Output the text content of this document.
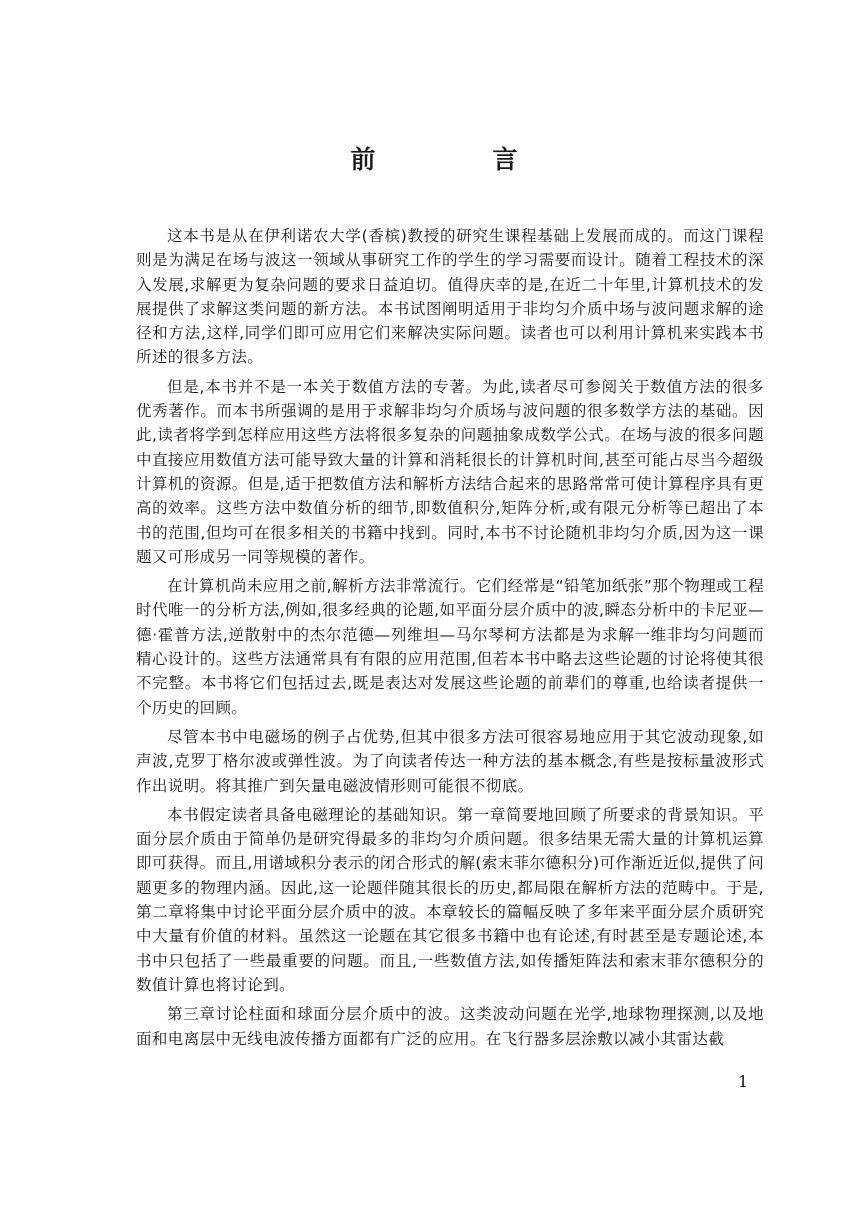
前　言

这本书是从在伊利诺农大学(香槟)教授的研究生课程基础上发展而成的。而这门课程则是为满足在场与波这一领域从事研究工作的学生的学习需要而设计。随着工程技术的深入发展,求解更为复杂问题的要求日益迫切。值得庆幸的是,在近二十年里,计算机技术的发展提供了求解这类问题的新方法。本书试图阐明适用于非均匀介质中场与波问题求解的途径和方法,这样,同学们即可应用它们来解决实际问题。读者也可以利用计算机来实践本书所述的很多方法。

但是,本书并不是一本关于数值方法的专著。为此,读者尽可参阅关于数值方法的很多优秀著作。而本书所强调的是用于求解非均匀介质场与波问题的很多数学方法的基础。因此,读者将学到怎样应用这些方法将很多复杂的问题抽象成数学公式。在场与波的很多问题中直接应用数值方法可能导致大量的计算和消耗很长的计算机时间,甚至可能占尽当今超级计算机的资源。但是,适于把数值方法和解析方法结合起来的思路常常可使计算程序具有更高的效率。这些方法中数值分析的细节,即数值积分,矩阵分析,或有限元分析等已超出了本书的范围,但均可在很多相关的书籍中找到。同时,本书不讨论随机非均匀介质,因为这一课题又可形成另一同等规模的著作。

在计算机尚未应用之前,解析方法非常流行。它们经常是“铅笔加纸张”那个物理或工程时代唯一的分析方法,例如,很多经典的论题,如平面分层介质中的波,瞬态分析中的卡尼亚—德·霍普方法,逆散射中的杰尔范德—列维坦—马尔琴柯方法都是为求解一维非均匀问题而精心设计的。这些方法通常具有有限的应用范围,但若本书中略去这些论题的讨论将使其很不完整。本书将它们包括过去,既是表达对发展这些论题的前辈们的尊重,也给读者提供一个历史的回顾。

尽管本书中电磁场的例子占优势,但其中很多方法可很容易地应用于其它波动现象,如声波,克罗丁格尔波或弹性波。为了向读者传达一种方法的基本概念,有些是按标量波形式作出说明。将其推广到矢量电磁波情形则可能很不彻底。

本书假定读者具备电磁理论的基础知识。第一章简要地回顾了所要求的背景知识。平面分层介质由于简单仍是研究得最多的非均匀介质问题。很多结果无需大量的计算机运算即可获得。而且,用谱域积分表示的闭合形式的解(索末菲尔德积分)可作渐近近似,提供了问题更多的物理内涵。因此,这一论题伴随其很长的历史,都局限在解析方法的范畴中。于是,第二章将集中讨论平面分层介质中的波。本章较长的篇幅反映了多年来平面分层介质研究中大量有价值的材料。虽然这一论题在其它很多书籍中也有论述,有时甚至是专题论述,本书中只包括了一些最重要的问题。而且,一些数值方法,如传播矩阵法和索末菲尔德积分的数值计算也将讨论到。

第三章讨论柱面和球面分层介质中的波。这类波动问题在光学,地球物理探测,以及地面和电离层中无线电波传播方面都有广泛的应用。在飞行器多层涂敷以减小其雷达截

1
